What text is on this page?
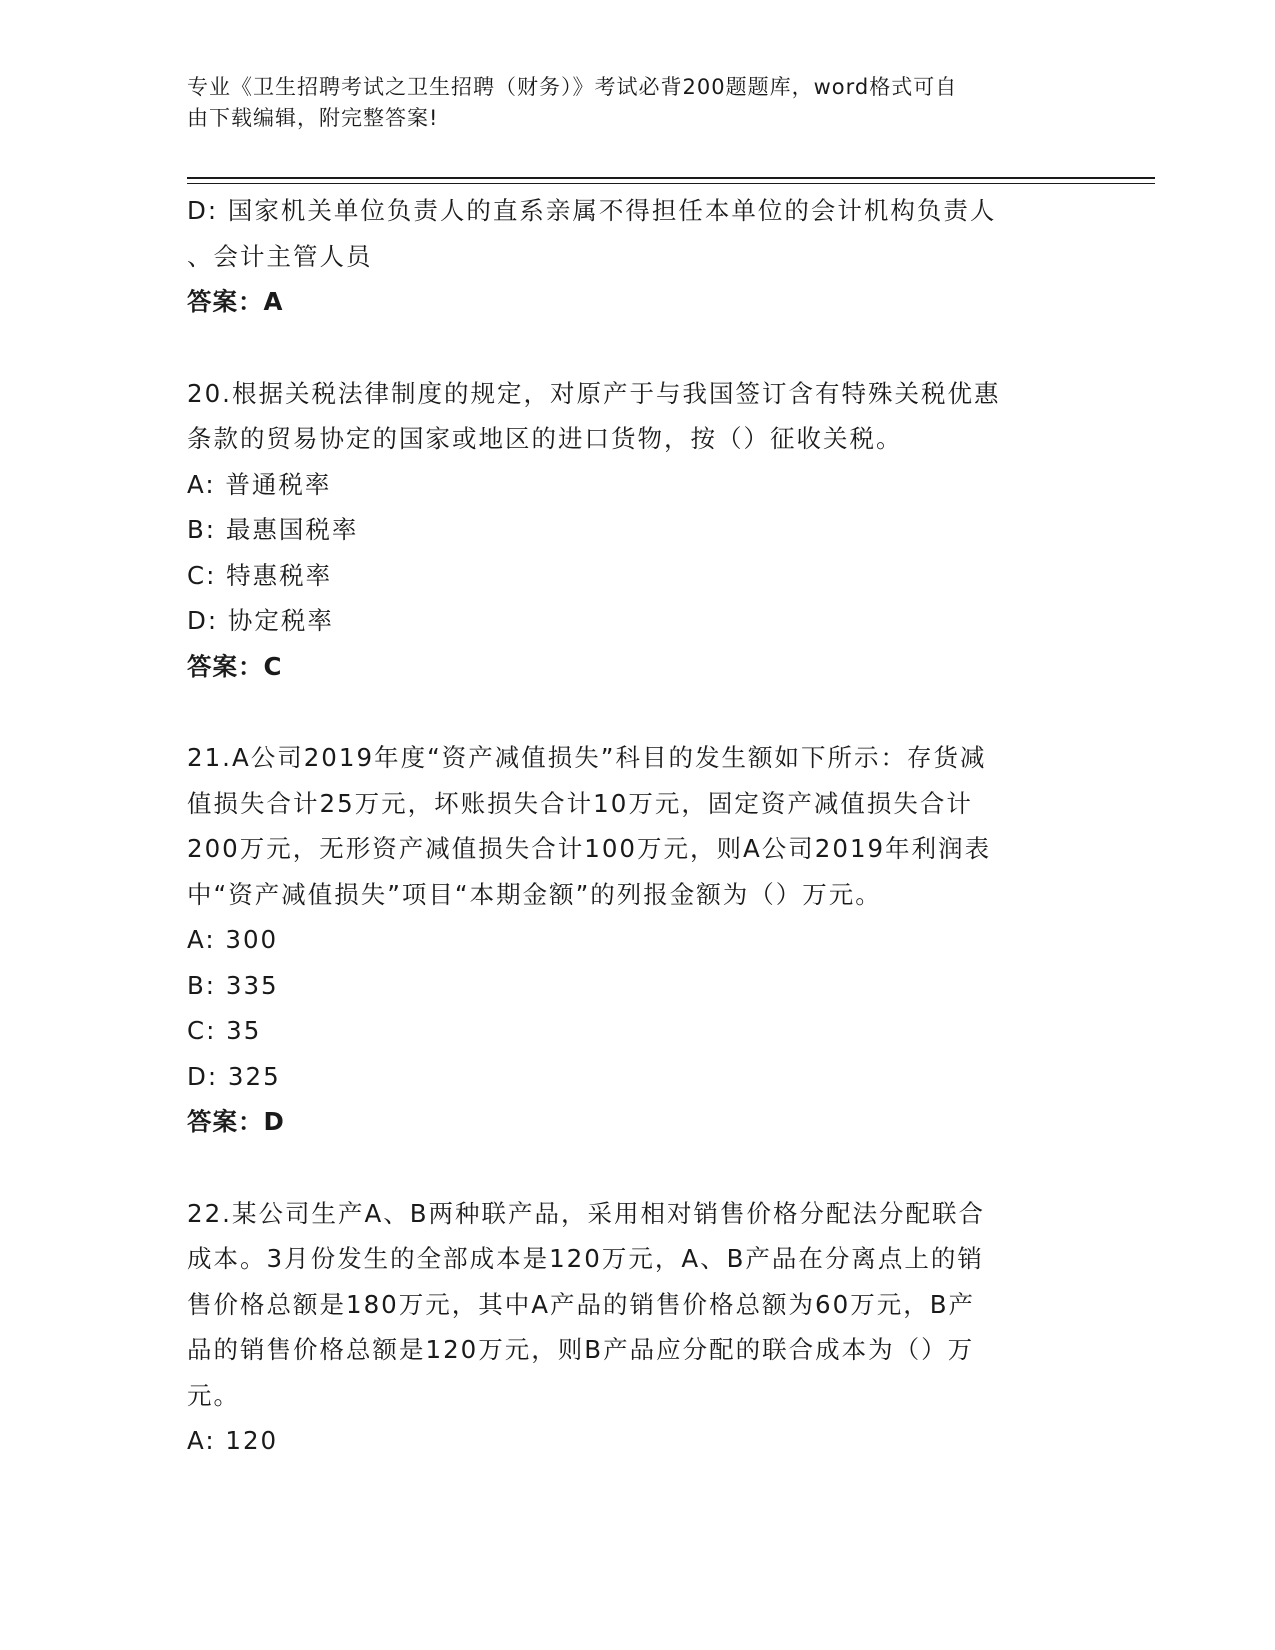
专业《卫生招聘考试之卫生招聘（财务）》考试必背200题题库，word格式可自
由下载编辑，附完整答案!
D: 国家机关单位负责人的直系亲属不得担任本单位的会计机构负责人
、会计主管人员
答案：A
20.根据关税法律制度的规定，对原产于与我国签订含有特殊关税优惠
条款的贸易协定的国家或地区的进口货物，按（）征收关税。
A: 普通税率
B: 最惠国税率
C: 特惠税率
D: 协定税率
答案：C
21.A公司2019年度“资产减值损失”科目的发生额如下所示：存货减
值损失合计25万元，坏账损失合计10万元，固定资产减值损失合计
200万元，无形资产减值损失合计100万元，则A公司2019年利润表
中“资产减值损失”项目“本期金额”的列报金额为（）万元。
A: 300
B: 335
C: 35
D: 325
答案：D
22.某公司生产A、B两种联产品，采用相对销售价格分配法分配联合
成本。3月份发生的全部成本是120万元，A、B产品在分离点上的销
售价格总额是180万元，其中A产品的销售价格总额为60万元，B产
品的销售价格总额是120万元，则B产品应分配的联合成本为（）万
元。
A: 120
